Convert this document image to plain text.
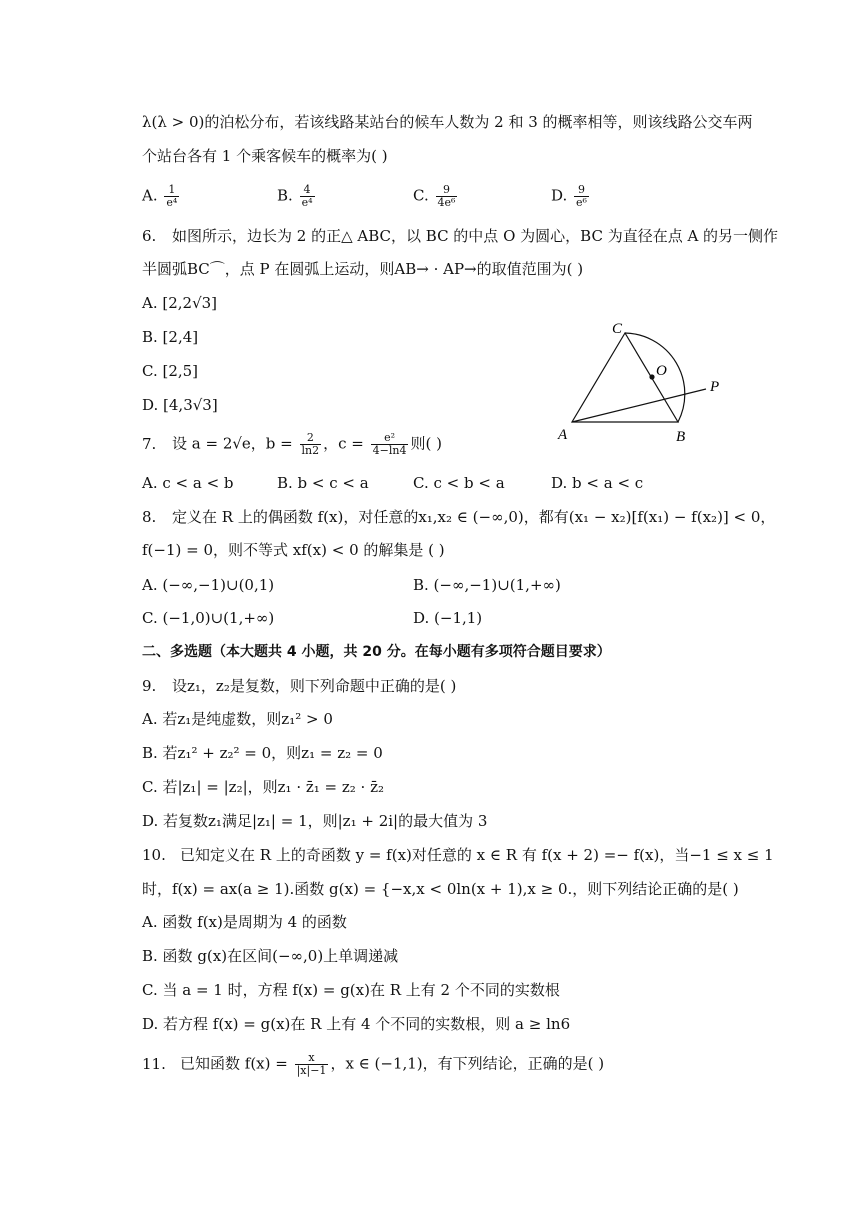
λ(λ > 0)的泊松分布，若该线路某站台的候车人数为 2 和 3 的概率相等，则该线路公交车两
个站台各有 1 个乘客候车的概率为( )
A. $\frac{1}{\text{e⁴}}$	B. $\frac{4}{\text{e⁴}}$	C. $\frac{9}{\text{4e⁶}}$	D. $\frac{9}{\text{e⁶}}$
6. 如图所示，边长为 2 的正△ ABC，以 BC 的中点 O 为圆心，BC 为直径在点 A 的另一侧作
半圆弧BC⌒，点 P 在圆弧上运动，则AB→ · AP→的取值范围为( )
A. [2,2√3]
B. [2,4]
C. [2,5]
D. [4,3√3]
C
O
P
A	B
7. 设 a = 2√e，$b = \frac{2}{\ln 2}$ ，$c = \frac{\text{e²}}{4-\ln 4}$ 则( )
A. c < a < b	B. b < c < a	C. c < b < a	D. b < a < c
8. 定义在 R 上的偶函数 f(x)，对任意的x₁,x₂ ∈ (−∞,0)，都有(x₁ − x₂)[f(x₁) − f(x₂)] < 0，
f(−1) = 0，则不等式 xf(x) < 0 的解集是 ( )
A. (−∞,−1)∪(0,1)	B. (−∞,−1)∪(1,+∞)
C. (−1,0)∪(1,+∞)	D. (−1,1)
二、多选题（本大题共 4 小题，共 20 分。在每小题有多项符合题目要求）
9. 设z₁，z₂是复数，则下列命题中正确的是( )
A. 若z₁是纯虚数，则z₁² > 0
B. 若z₁² + z₂² = 0，则z₁ = z₂ = 0
C. 若|z₁| = |z₂|，则z₁ · z̄₁ = z₂ · z̄₂
D. 若复数z₁满足|z₁| = 1，则|z₁ + 2i|的最大值为 3
10. 已知定义在 R 上的奇函数 y = f(x)对任意的 x ∈ R 有 f(x + 2) =− f(x)，当−1 ≤ x ≤ 1
时，f(x) = ax(a ≥ 1).函数 g(x) = {−x,x < 0ln(x + 1),x ≥ 0.，则下列结论正确的是( )
A. 函数 f(x)是周期为 4 的函数
B. 函数 g(x)在区间(−∞,0)上单调递减
C. 当 a = 1 时，方程 f(x) = g(x)在 R 上有 2 个不同的实数根
D. 若方程 f(x) = g(x)在 R 上有 4 个不同的实数根，则 a ≥ ln6
11. 已知函数 $f(x) = \frac{x}{|x|-1}$ ，x ∈ (−1,1)，有下列结论，正确的是( )
